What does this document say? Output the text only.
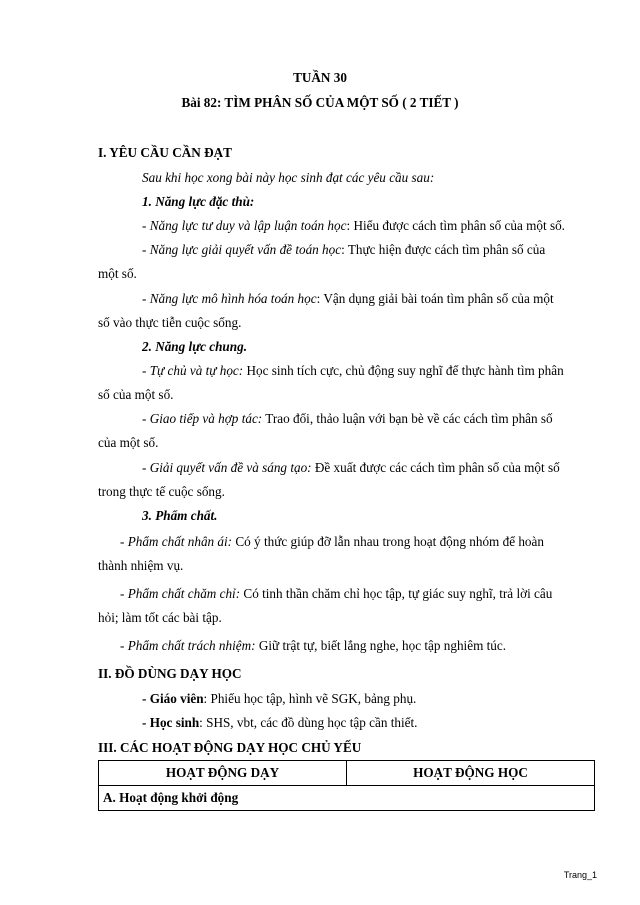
TUẦN 30
Bài 82: TÌM PHÂN SỐ CỦA MỘT SỐ ( 2 TIẾT )
I. YÊU CẦU CẦN ĐẠT
Sau khi học xong bài này học sinh đạt các yêu cầu sau:
1. Năng lực đặc thù:
- Năng lực tư duy và lập luận toán học: Hiểu được cách tìm phân số của một số.
- Năng lực giải quyết vấn đề toán học: Thực hiện được cách tìm phân số của
một số.
- Năng lực mô hình hóa toán học: Vận dụng giải bài toán tìm phân số của một
số vào thực tiễn cuộc sống.
2. Năng lực chung.
- Tự chủ và tự học: Học sinh tích cực, chủ động suy nghĩ để thực hành tìm phân
số của một số.
- Giao tiếp và hợp tác: Trao đổi, thảo luận với bạn bè về các cách tìm phân số
của một số.
- Giải quyết vấn đề và sáng tạo: Đề xuất được các cách tìm phân số của một số
trong thực tế cuộc sống.
3. Phẩm chất.
- Phẩm chất nhân ái: Có ý thức giúp đỡ lẫn nhau trong hoạt động nhóm để hoàn
thành nhiệm vụ.
- Phẩm chất chăm chỉ: Có tinh thần chăm chỉ học tập, tự giác suy nghĩ, trả lời câu
hỏi; làm tốt các bài tập.
- Phẩm chất trách nhiệm: Giữ trật tự, biết lắng nghe, học tập nghiêm túc.
II. ĐỒ DÙNG DẠY HỌC
- Giáo viên: Phiếu học tập, hình vẽ SGK, bảng phụ.
- Học sinh: SHS, vbt, các đồ dùng học tập cần thiết.
III. CÁC HOẠT ĐỘNG DẠY HỌC CHỦ YẾU
HOẠT ĐỘNG DẠY	HOẠT ĐỘNG HỌC
A. Hoạt động khởi động
Trang_1
